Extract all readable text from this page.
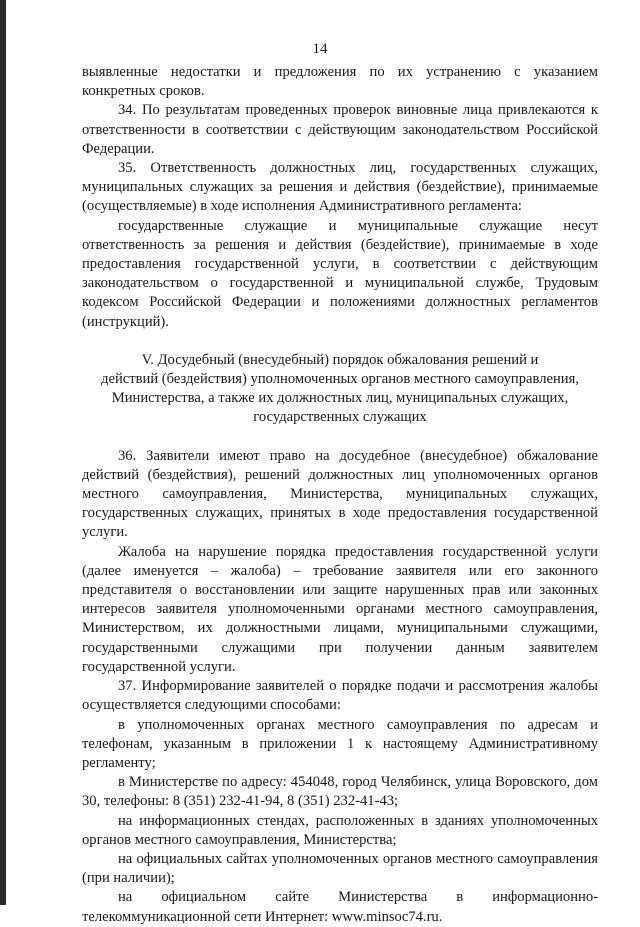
14

выявленные недостатки и предложения по их устранению с указанием конкретных сроков.

34. По результатам проведенных проверок виновные лица привлекаются к ответственности в соответствии с действующим законодательством Российской Федерации.

35. Ответственность должностных лиц, государственных служащих, муниципальных служащих за решения и действия (бездействие), принимаемые (осуществляемые) в ходе исполнения Административного регламента:

государственные служащие и муниципальные служащие несут ответственность за решения и действия (бездействие), принимаемые в ходе предоставления государственной услуги, в соответствии с действующим законодательством о государственной и муниципальной службе, Трудовым кодексом Российской Федерации и положениями должностных регламентов (инструкций).

V. Досудебный (внесудебный) порядок обжалования решений и
действий (бездействия) уполномоченных органов местного самоуправления,
Министерства, а также их должностных лиц, муниципальных служащих,
государственных служащих

36. Заявители имеют право на досудебное (внесудебное) обжалование действий (бездействия), решений должностных лиц уполномоченных органов местного самоуправления, Министерства, муниципальных служащих, государственных служащих, принятых в ходе предоставления государственной услуги.

Жалоба на нарушение порядка предоставления государственной услуги (далее именуется – жалоба) – требование заявителя или его законного представителя о восстановлении или защите нарушенных прав или законных интересов заявителя уполномоченными органами местного самоуправления, Министерством, их должностными лицами, муниципальными служащими, государственными служащими при получении данным заявителем государственной услуги.

37. Информирование заявителей о порядке подачи и рассмотрения жалобы осуществляется следующими способами:

в уполномоченных органах местного самоуправления по адресам и телефонам, указанным в приложении 1 к настоящему Административному регламенту;

в Министерстве по адресу: 454048, город Челябинск, улица Воровского, дом 30, телефоны: 8 (351) 232-41-94, 8 (351) 232-41-43;

на информационных стендах, расположенных в зданиях уполномоченных органов местного самоуправления, Министерства;

на официальных сайтах уполномоченных органов местного самоуправления (при наличии);

на официальном сайте Министерства в информационно-телекоммуникационной сети Интернет: www.minsoc74.ru.
